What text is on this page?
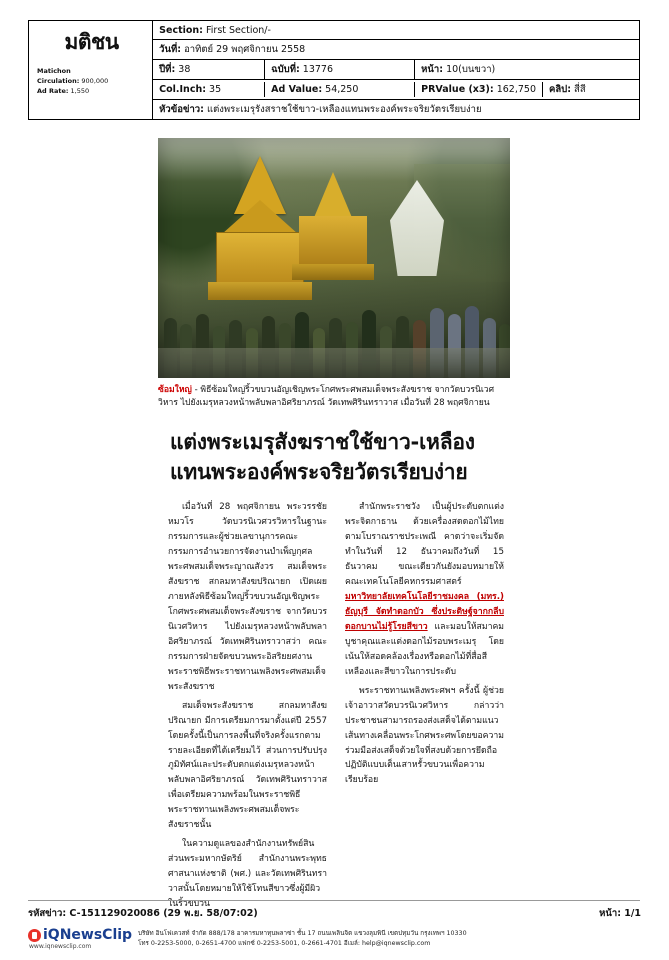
มติชน
Matichon
Circulation: 900,000
Ad Rate: 1,550
Section: First Section/-
วันที่: อาทิตย์ 29 พฤศจิกายน 2558
ปีที่: 38	ฉบับที่: 13776	หน้า: 10(บนขวา)
Col.Inch: 35	Ad Value: 54,250	PRValue (x3): 162,750	คลิป: สี่สี
หัวข้อข่าว: แต่งพระเมรุรังสราชใช้ขาว-เหลืองแทนพระองค์พระจริยวัตรเรียบง่าย
ซ้อมใหญ่ - พิธีซ้อมใหญ่ริ้วขบวนอัญเชิญพระโกศพระศพสมเด็จพระสังฆราช จากวัดบวรนิเวศวิหาร ไปยังเมรุหลวงหน้าพลับพลาอิศริยาภรณ์ วัดเทพศิรินทราวาส เมื่อวันที่ 28 พฤศจิกายน
แต่งพระเมรุสังฆราชใช้ขาว-เหลือง
แทนพระองค์พระจริยวัตรเรียบง่าย

เมื่อวันที่ 28 พฤศจิกายน พระวรรชัย หมวโร วัดบวรนิเวศวรวิหารในฐานะกรรมการและผู้ช่วยเลขานุการคณะกรรมการอำนวยการจัดงานบำเพ็ญกุศลพระศพสมเด็จพระญาณสังวร สมเด็จพระสังฆราช สกลมหาสังฆปริณายก เปิดเผยภายหลังพิธีซ้อมใหญ่ริ้วขบวนอัญเชิญพระโกศพระศพสมเด็จพระสังฆราช จากวัดบวรนิเวศวิหาร ไปยังเมรุหลวงหน้าพลับพลาอิศริยาภรณ์ วัดเทพศิรินทราวาสว่า คณะกรรมการฝ่ายจัดขบวนพระอิสริยยศงานพระราชพิธีพระราชทานเพลิงพระศพสมเด็จพระสังฆราช

สมเด็จพระสังฆราช สกลมหาสังฆปริณายก มีการเตรียมการมาตั้งแต่ปี 2557 โดยครั้งนี้เป็นการลงพื้นที่จริงครั้งแรกตามรายละเอียดที่ได้เตรียมไว้ ส่วนการปรับปรุงภูมิทัศน์และประดับตกแต่งเมรุหลวงหน้าพลับพลาอิศริยาภรณ์ วัดเทพศิรินทราวาส เพื่อเตรียมความพร้อมในพระราชพิธีพระราชทานเพลิงพระศพสมเด็จพระสังฆราชนั้น

ในความดูแลของสำนักงานทรัพย์สินส่วนพระมหากษัตริย์ สำนักงานพระพุทธศาสนาแห่งชาติ (พศ.) และวัดเทพศิรินทราวาสนั้นโดยหมายให้ใช้โทนสีขาวซึ่งผู้มีผิวในริ้วขบวน

สำนักพระราชวัง เป็นผู้ประดับตกแต่งพระจิตกาธาน ด้วยเครื่องสดดอกไม้ไทยตามโบราณราชประเพณี คาดว่าจะเริ่มจัดทำในวันที่ 12 ธันวาคมถึงวันที่ 15 ธันวาคม ขณะเดียวกันยังมอบหมายให้คณะเทคโนโลยีคหกรรมศาสตร์ มหาวิทยาลัยเทคโนโลยีราชมงคล (มทร.) ธัญบุรี จัดทำดอกบัว ซึ่งประดิษฐ์จากกลีบดอกบานไม่รู้โรยสีขาว และมอบให้สมาคมบูชาคุณและแต่งดอกไม้รอบพระเมรุ โดยเน้นให้สอดคล้องเรื่องหรือดอกไม้ที่สื่อสีเหลืองและสีขาวในการประดับ

พระราชทานเพลิงพระศพฯ ครั้งนี้ ผู้ช่วยเจ้าอาวาสวัดบวรนิเวศวิหาร กล่าวว่า ประชาชนสามารถรองส่งเสด็จได้ตามแนวเส้นทางเคลื่อนพระโกศพระศพโดยขอความร่วมมือส่งเสด็จด้วยใจที่สงบด้วยการยึดถือปฏิบัติแบบเต็นเสาหรั้วขบวนเพื่อความเรียบร้อย

รหัสข่าว: C-151129020086 (29 พ.ย. 58/07:02)	หน้า: 1/1
iQNewsClip
www.iqnewsclip.com
บริษัท อินโฟเควสท์ จำกัด 888/178 อาคารมหาทุนพลาซ่า ชั้น 17 ถนนเพลินจิต แขวงลุมพินี เขตปทุมวัน กรุงเทพฯ 10330
โทร 0-2253-5000, 0-2651-4700 แฟกซ์ 0-2253-5001, 0-2661-4701 อีเมล์: help@iqnewsclip.com
